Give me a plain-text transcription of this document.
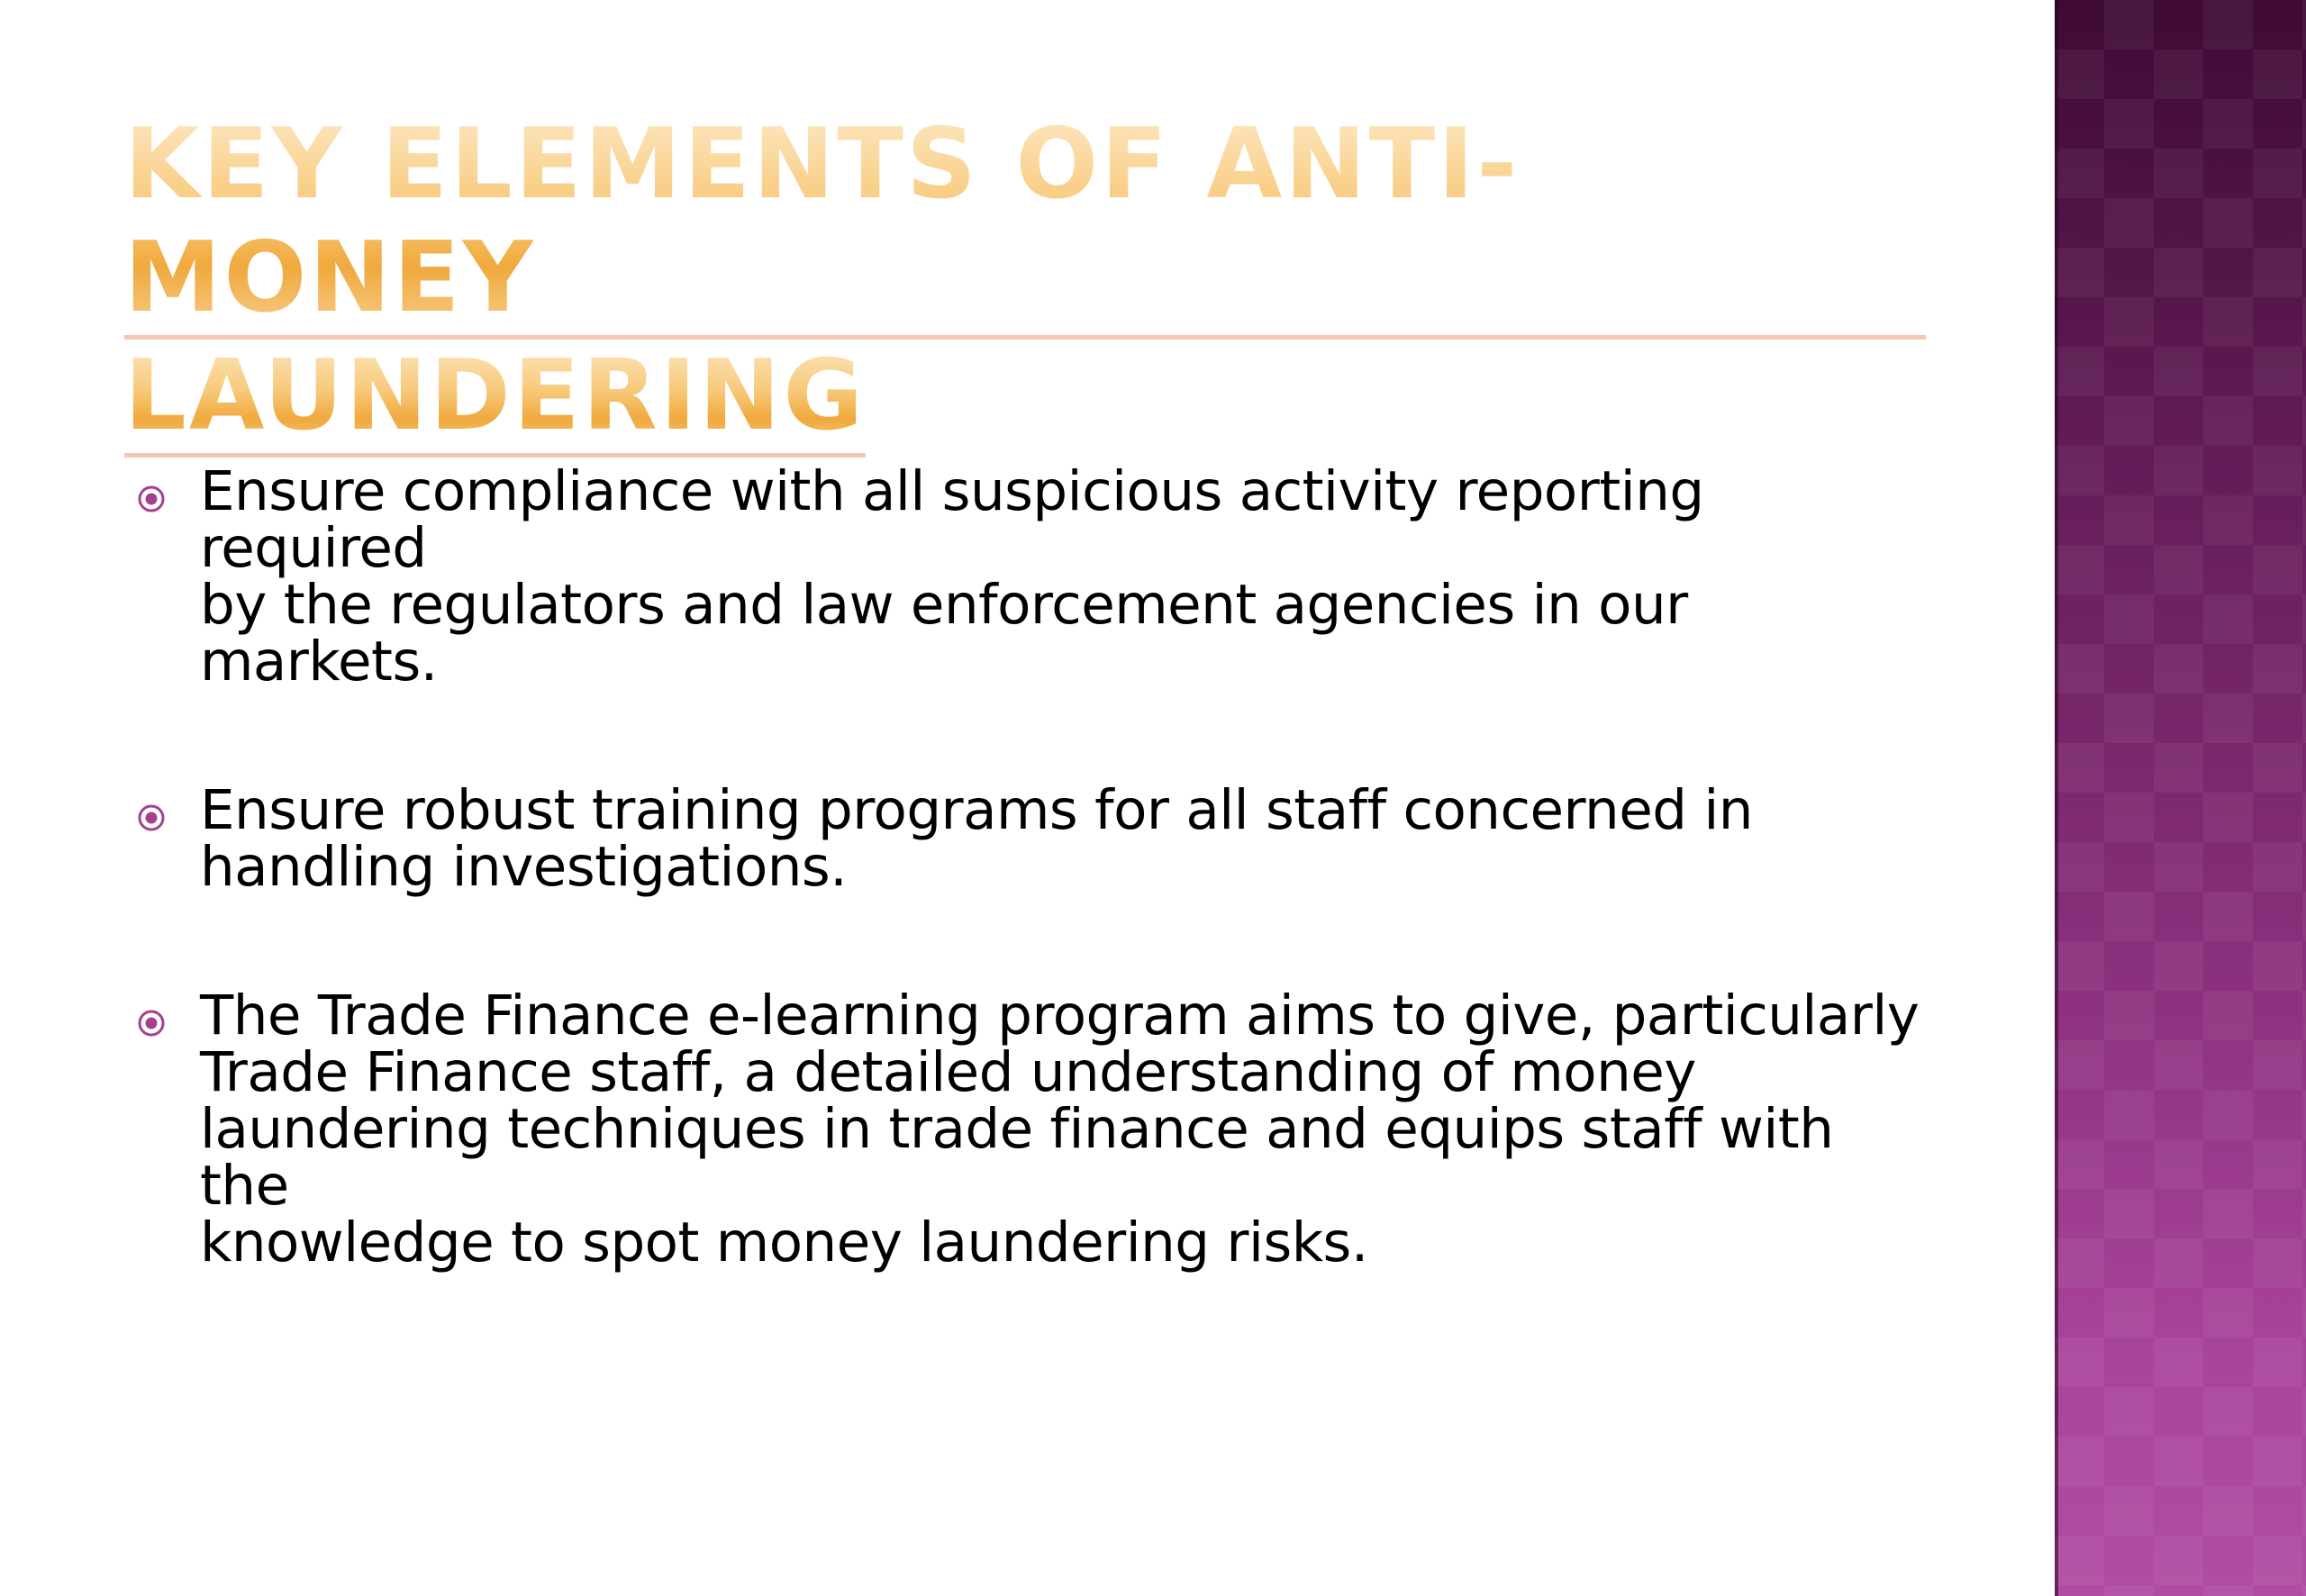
KEY ELEMENTS OF ANTI-MONEY
LAUNDERING
Ensure compliance with all suspicious activity reporting required
by the regulators and law enforcement agencies in our markets.
Ensure robust training programs for all staff concerned in
handling investigations.
The Trade Finance e-learning program aims to give, particularly
Trade Finance staff, a detailed understanding of money
laundering techniques in trade finance and equips staff with the
knowledge to spot money laundering risks.
